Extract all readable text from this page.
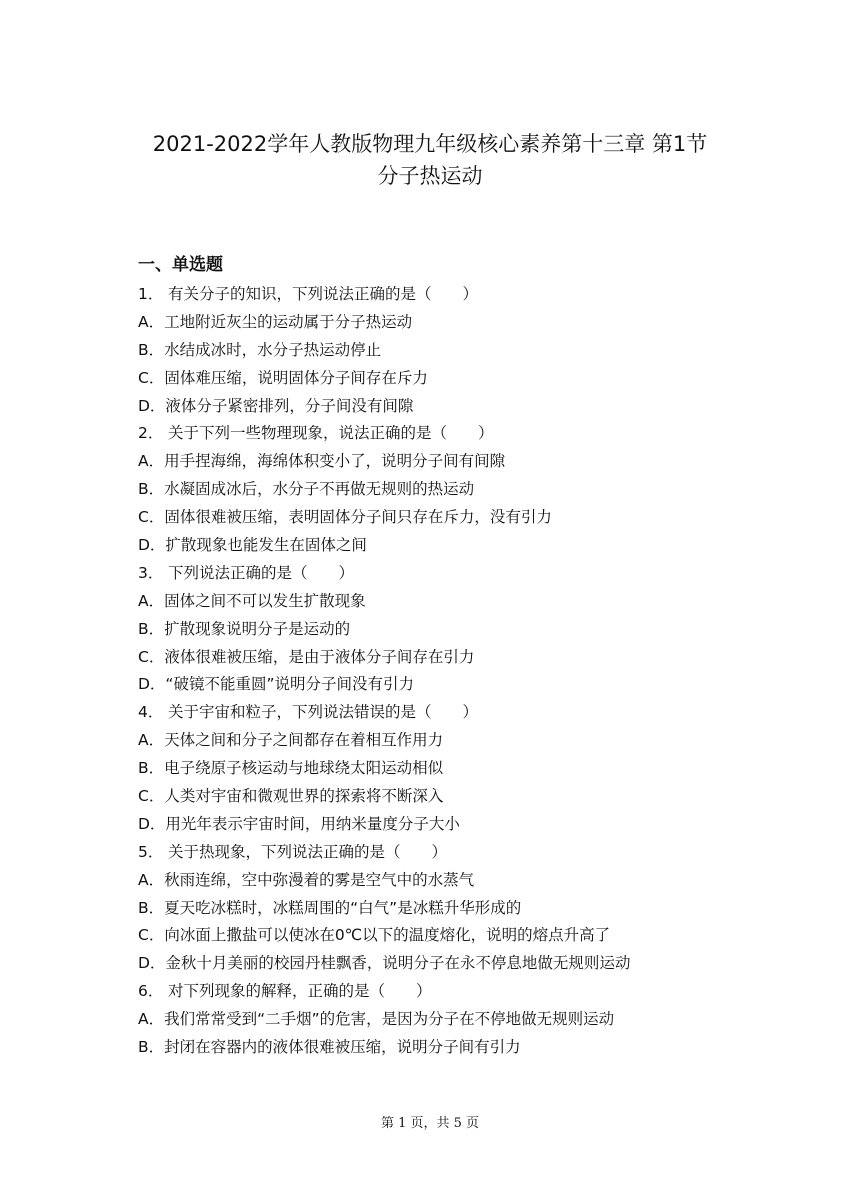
2021-2022学年人教版物理九年级核心素养第十三章 第1节
分子热运动
一、单选题
1． 有关分子的知识，下列说法正确的是（　　）
A．工地附近灰尘的运动属于分子热运动
B．水结成冰时，水分子热运动停止
C．固体难压缩，说明固体分子间存在斥力
D．液体分子紧密排列，分子间没有间隙
2． 关于下列一些物理现象，说法正确的是（　　）
A．用手捏海绵，海绵体积变小了，说明分子间有间隙
B．水凝固成冰后，水分子不再做无规则的热运动
C．固体很难被压缩，表明固体分子间只存在斥力，没有引力
D．扩散现象也能发生在固体之间
3． 下列说法正确的是（　　）
A．固体之间不可以发生扩散现象
B．扩散现象说明分子是运动的
C．液体很难被压缩，是由于液体分子间存在引力
D．“破镜不能重圆”说明分子间没有引力
4． 关于宇宙和粒子，下列说法错误的是（　　）
A．天体之间和分子之间都存在着相互作用力
B．电子绕原子核运动与地球绕太阳运动相似
C．人类对宇宙和微观世界的探索将不断深入
D．用光年表示宇宙时间，用纳米量度分子大小
5． 关于热现象，下列说法正确的是（　　）
A．秋雨连绵，空中弥漫着的雾是空气中的水蒸气
B．夏天吃冰糕时，冰糕周围的“白气”是冰糕升华形成的
C．向冰面上撒盐可以使冰在0℃以下的温度熔化，说明的熔点升高了
D．金秋十月美丽的校园丹桂飘香，说明分子在永不停息地做无规则运动
6． 对下列现象的解释，正确的是（　　）
A．我们常常受到“二手烟”的危害，是因为分子在不停地做无规则运动
B．封闭在容器内的液体很难被压缩，说明分子间有引力
第 1 页，共 5 页
